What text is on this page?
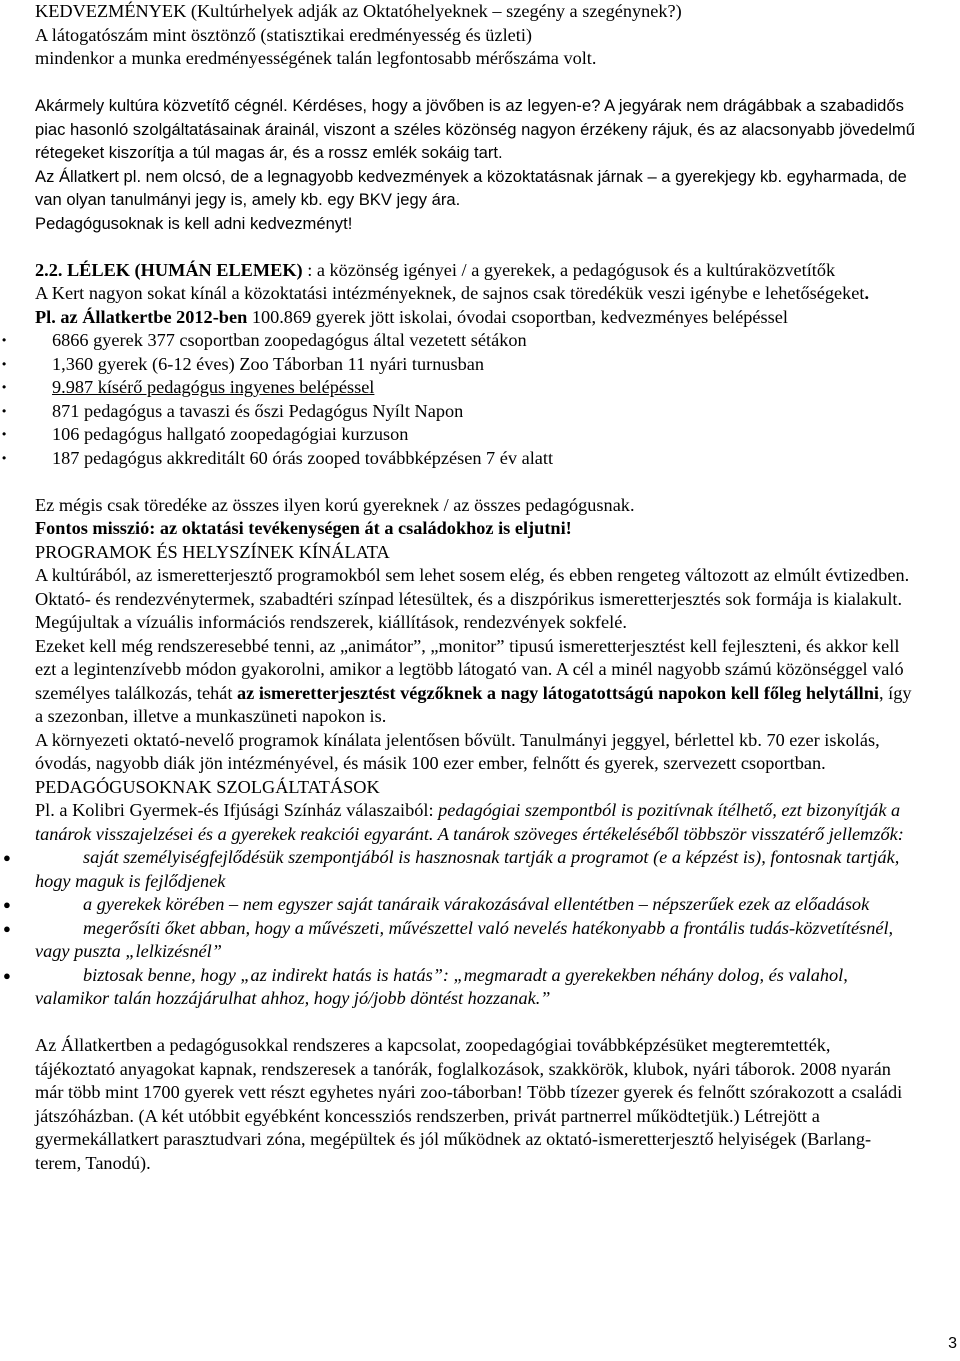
KEDVEZMÉNYEK (Kultúrhelyek adják az Oktatóhelyeknek – szegény a szegénynek?)

A látogatószám mint ösztönző (statisztikai eredményesség és üzleti)

mindenkor a munka eredményességének talán legfontosabb mérőszáma volt.

Akármely kultúra közvetítő cégnél. Kérdéses, hogy a jövőben is az legyen-e? A jegyárak nem drágábbak a szabadidős piac hasonló szolgáltatásainak árainál, viszont a széles közönség nagyon érzékeny rájuk, és az alacsonyabb jövedelmű rétegeket kiszorítja a túl magas ár, és a rossz emlék sokáig tart.

Az Állatkert pl. nem olcsó, de a legnagyobb kedvezmények a közoktatásnak járnak – a gyerekjegy kb. egyharmada, de van olyan tanulmányi jegy is, amely kb. egy BKV jegy ára.

Pedagógusoknak is kell adni kedvezményt!

2.2. LÉLEK (HUMÁN ELEMEK) : a közönség igényei / a gyerekek, a pedagógusok és a kultúraközvetítők

A Kert nagyon sokat kínál a közoktatási intézményeknek, de sajnos csak töredékük veszi igénybe e lehetőségeket.

Pl. az Állatkertbe 2012-ben 100.869 gyerek jött iskolai, óvodai csoportban, kedvezményes belépéssel

•	6866 gyerek 377 csoportban zoopedagógus által vezetett sétákon
•	1,360 gyerek (6-12 éves) Zoo Táborban 11 nyári turnusban
•	9.987 kísérő pedagógus ingyenes belépéssel
•	871 pedagógus a tavaszi és őszi Pedagógus Nyílt Napon
•	106 pedagógus hallgató zoopedagógiai kurzuson
•	187 pedagógus akkreditált 60 órás zooped továbbképzésen 7 év alatt

Ez mégis csak töredéke az összes ilyen korú gyereknek / az összes pedagógusnak.

Fontos misszió: az oktatási tevékenységen át a családokhoz is eljutni!

PROGRAMOK ÉS HELYSZÍNEK KÍNÁLATA

A kultúrából, az ismeretterjesztő programokból sem lehet sosem elég, és ebben rengeteg változott az elmúlt évtizedben. Oktató- és rendezvénytermek, szabadtéri színpad létesültek, és a diszpórikus ismeretterjesztés sok formája is kialakult. Megújultak a vízuális információs rendszerek, kiállítások, rendezvények sokfelé.

Ezeket kell még rendszeresebbé tenni, az „animátor”, „monitor” tipusú ismeretterjesztést kell fejleszteni, és akkor kell ezt a legintenzívebb módon gyakorolni, amikor a legtöbb látogató van. A cél a minél nagyobb számú közönséggel való személyes találkozás, tehát az ismeretterjesztést végzőknek a nagy látogatottságú napokon kell főleg helytállni, így a szezonban, illetve a munkaszüneti napokon is.

A környezeti oktató-nevelő programok kínálata jelentősen bővült. Tanulmányi jeggyel, bérlettel kb. 70 ezer iskolás, óvodás, nagyobb diák jön intézményével, és másik 100 ezer ember, felnőtt és gyerek, szervezett csoportban.

PEDAGÓGUSOKNAK SZOLGÁLTATÁSOK

Pl. a Kolibri Gyermek-és Ifjúsági Színház válaszaiból: pedagógiai szempontból is pozitívnak ítélhető, ezt bizonyítják a tanárok visszajelzései és a gyerekek reakciói egyaránt. A tanárok szöveges értékeléséből többször visszatérő jellemzők:

●	saját személyiségfejlődésük szempontjából is hasznosnak tartják a programot (e a képzést is), fontosnak tartják, hogy maguk is fejlődjenek
●	a gyerekek körében – nem egyszer saját tanáraik várakozásával ellentétben – népszerűek ezek az előadások
●	megerősíti őket abban, hogy a művészeti, művészettel való nevelés hatékonyabb a frontális tudás-közvetítésnél, vagy puszta „lelkizésnél”
●	biztosak benne, hogy „az indirekt hatás is hatás”: „megmaradt a gyerekekben néhány dolog, és valahol, valamikor talán hozzájárulhat ahhoz, hogy jó/jobb döntést hozzanak.”

Az Állatkertben a pedagógusokkal rendszeres a kapcsolat, zoopedagógiai továbbképzésüket megteremtették, tájékoztató anyagokat kapnak, rendszeresek a tanórák, foglalkozások, szakkörök, klubok, nyári táborok. 2008 nyarán már több mint 1700 gyerek vett részt egyhetes nyári zoo-táborban! Több tízezer gyerek és felnőtt szórakozott a családi játszóházban. (A két utóbbit egyébként koncessziós rendszerben, privát partnerrel működtetjük.) Létrejött a gyermekállatkert parasztudvari zóna, megépültek és jól működnek az oktató-ismeretterjesztő helyiségek (Barlang-terem, Tanodú).

3
